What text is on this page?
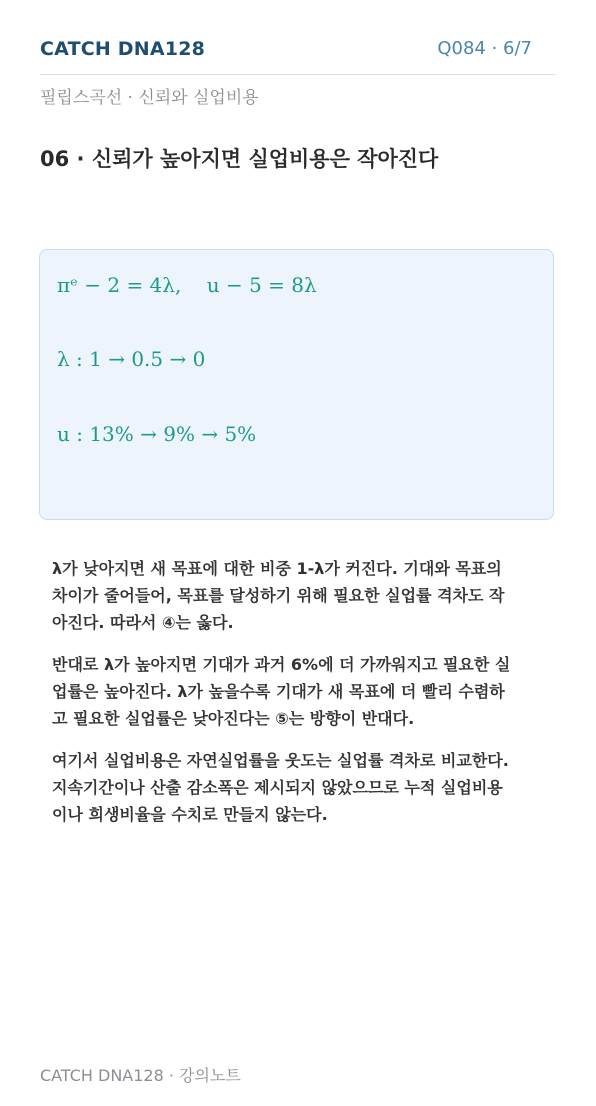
CATCH DNA128	Q084 · 6/7
필립스곡선 · 신뢰와 실업비용
06 · 신뢰가 높아지면 실업비용은 작아진다
πᵉ − 2 = 4λ,    u − 5 = 8λ
λ : 1 → 0.5 → 0
u : 13% → 9% → 5%
λ가 낮아지면 새 목표에 대한 비중 1-λ가 커진다. 기대와 목표의
차이가 줄어들어, 목표를 달성하기 위해 필요한 실업률 격차도 작
아진다. 따라서 ④는 옳다.
반대로 λ가 높아지면 기대가 과거 6%에 더 가까워지고 필요한 실
업률은 높아진다. λ가 높을수록 기대가 새 목표에 더 빨리 수렴하
고 필요한 실업률은 낮아진다는 ⑤는 방향이 반대다.
여기서 실업비용은 자연실업률을 웃도는 실업률 격차로 비교한다.
지속기간이나 산출 감소폭은 제시되지 않았으므로 누적 실업비용
이나 희생비율을 수치로 만들지 않는다.
CATCH DNA128 · 강의노트
